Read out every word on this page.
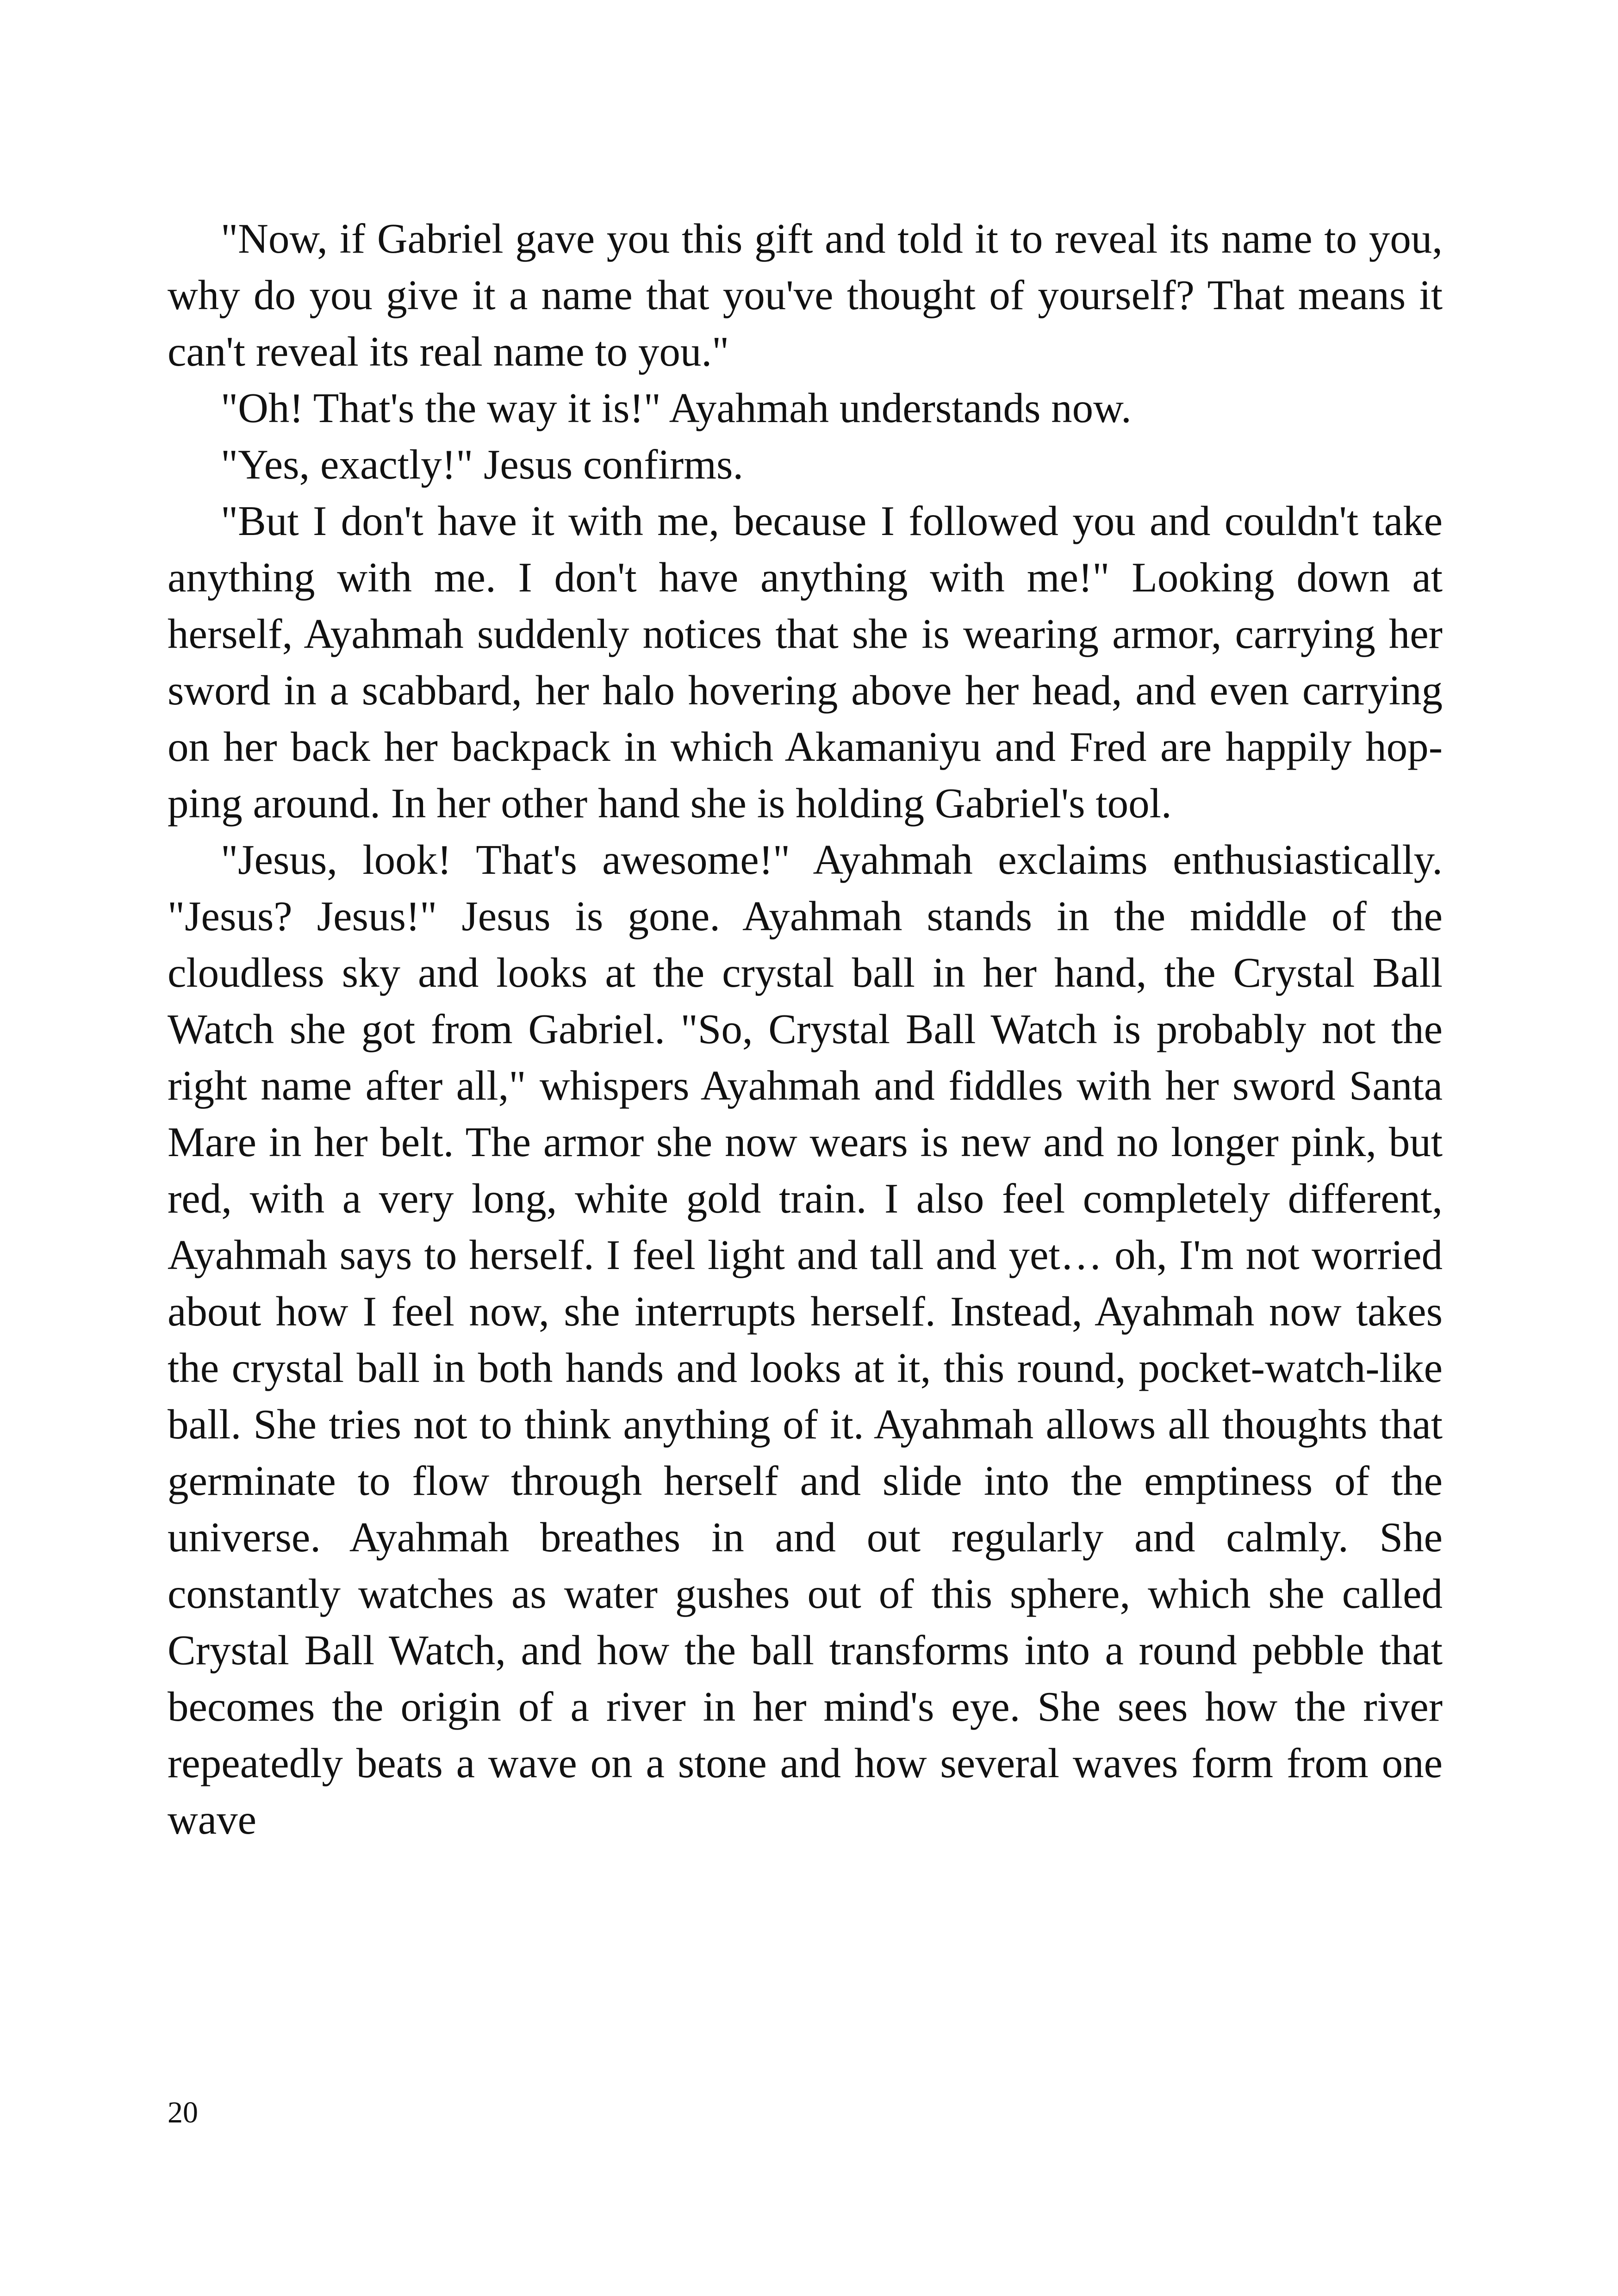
"Now, if Gabriel gave you this gift and told it to reveal its name to you, why do you give it a name that you've thought of yourself? That means it can't reveal its real name to you."

"Oh! That's the way it is!" Ayahmah understands now.

"Yes, exactly!" Jesus confirms.

"But I don't have it with me, because I followed you and couldn't take anything with me. I don't have anything with me!" Looking down at herself, Ayahmah suddenly notices that she is wearing armor, carrying her sword in a scabbard, her halo hovering above her head, and even carrying on her back her backpack in which Akamaniyu and Fred are happily hopping around. In her other hand she is holding Gabriel's tool.

"Jesus, look! That's awesome!" Ayahmah exclaims enthusiastically. "Jesus? Jesus!" Jesus is gone. Ayahmah stands in the middle of the cloudless sky and looks at the crystal ball in her hand, the Crystal Ball Watch she got from Gabriel. "So, Crystal Ball Watch is probably not the right name after all," whispers Ayahmah and fiddles with her sword Santa Mare in her belt. The armor she now wears is new and no longer pink, but red, with a very long, white gold train. I also feel completely different, Ayahmah says to herself. I feel light and tall and yet… oh, I'm not worried about how I feel now, she interrupts herself. Instead, Ayahmah now takes the crystal ball in both hands and looks at it, this round, pocket-watch-like ball. She tries not to think anything of it. Ayahmah allows all thoughts that germinate to flow through herself and slide into the emptiness of the universe. Ayahmah breathes in and out regularly and calmly. She constantly watches as water gushes out of this sphere, which she called Crystal Ball Watch, and how the ball transforms into a round pebble that becomes the origin of a river in her mind's eye. She sees how the river repeatedly beats a wave on a stone and how several waves form from one wave

20
